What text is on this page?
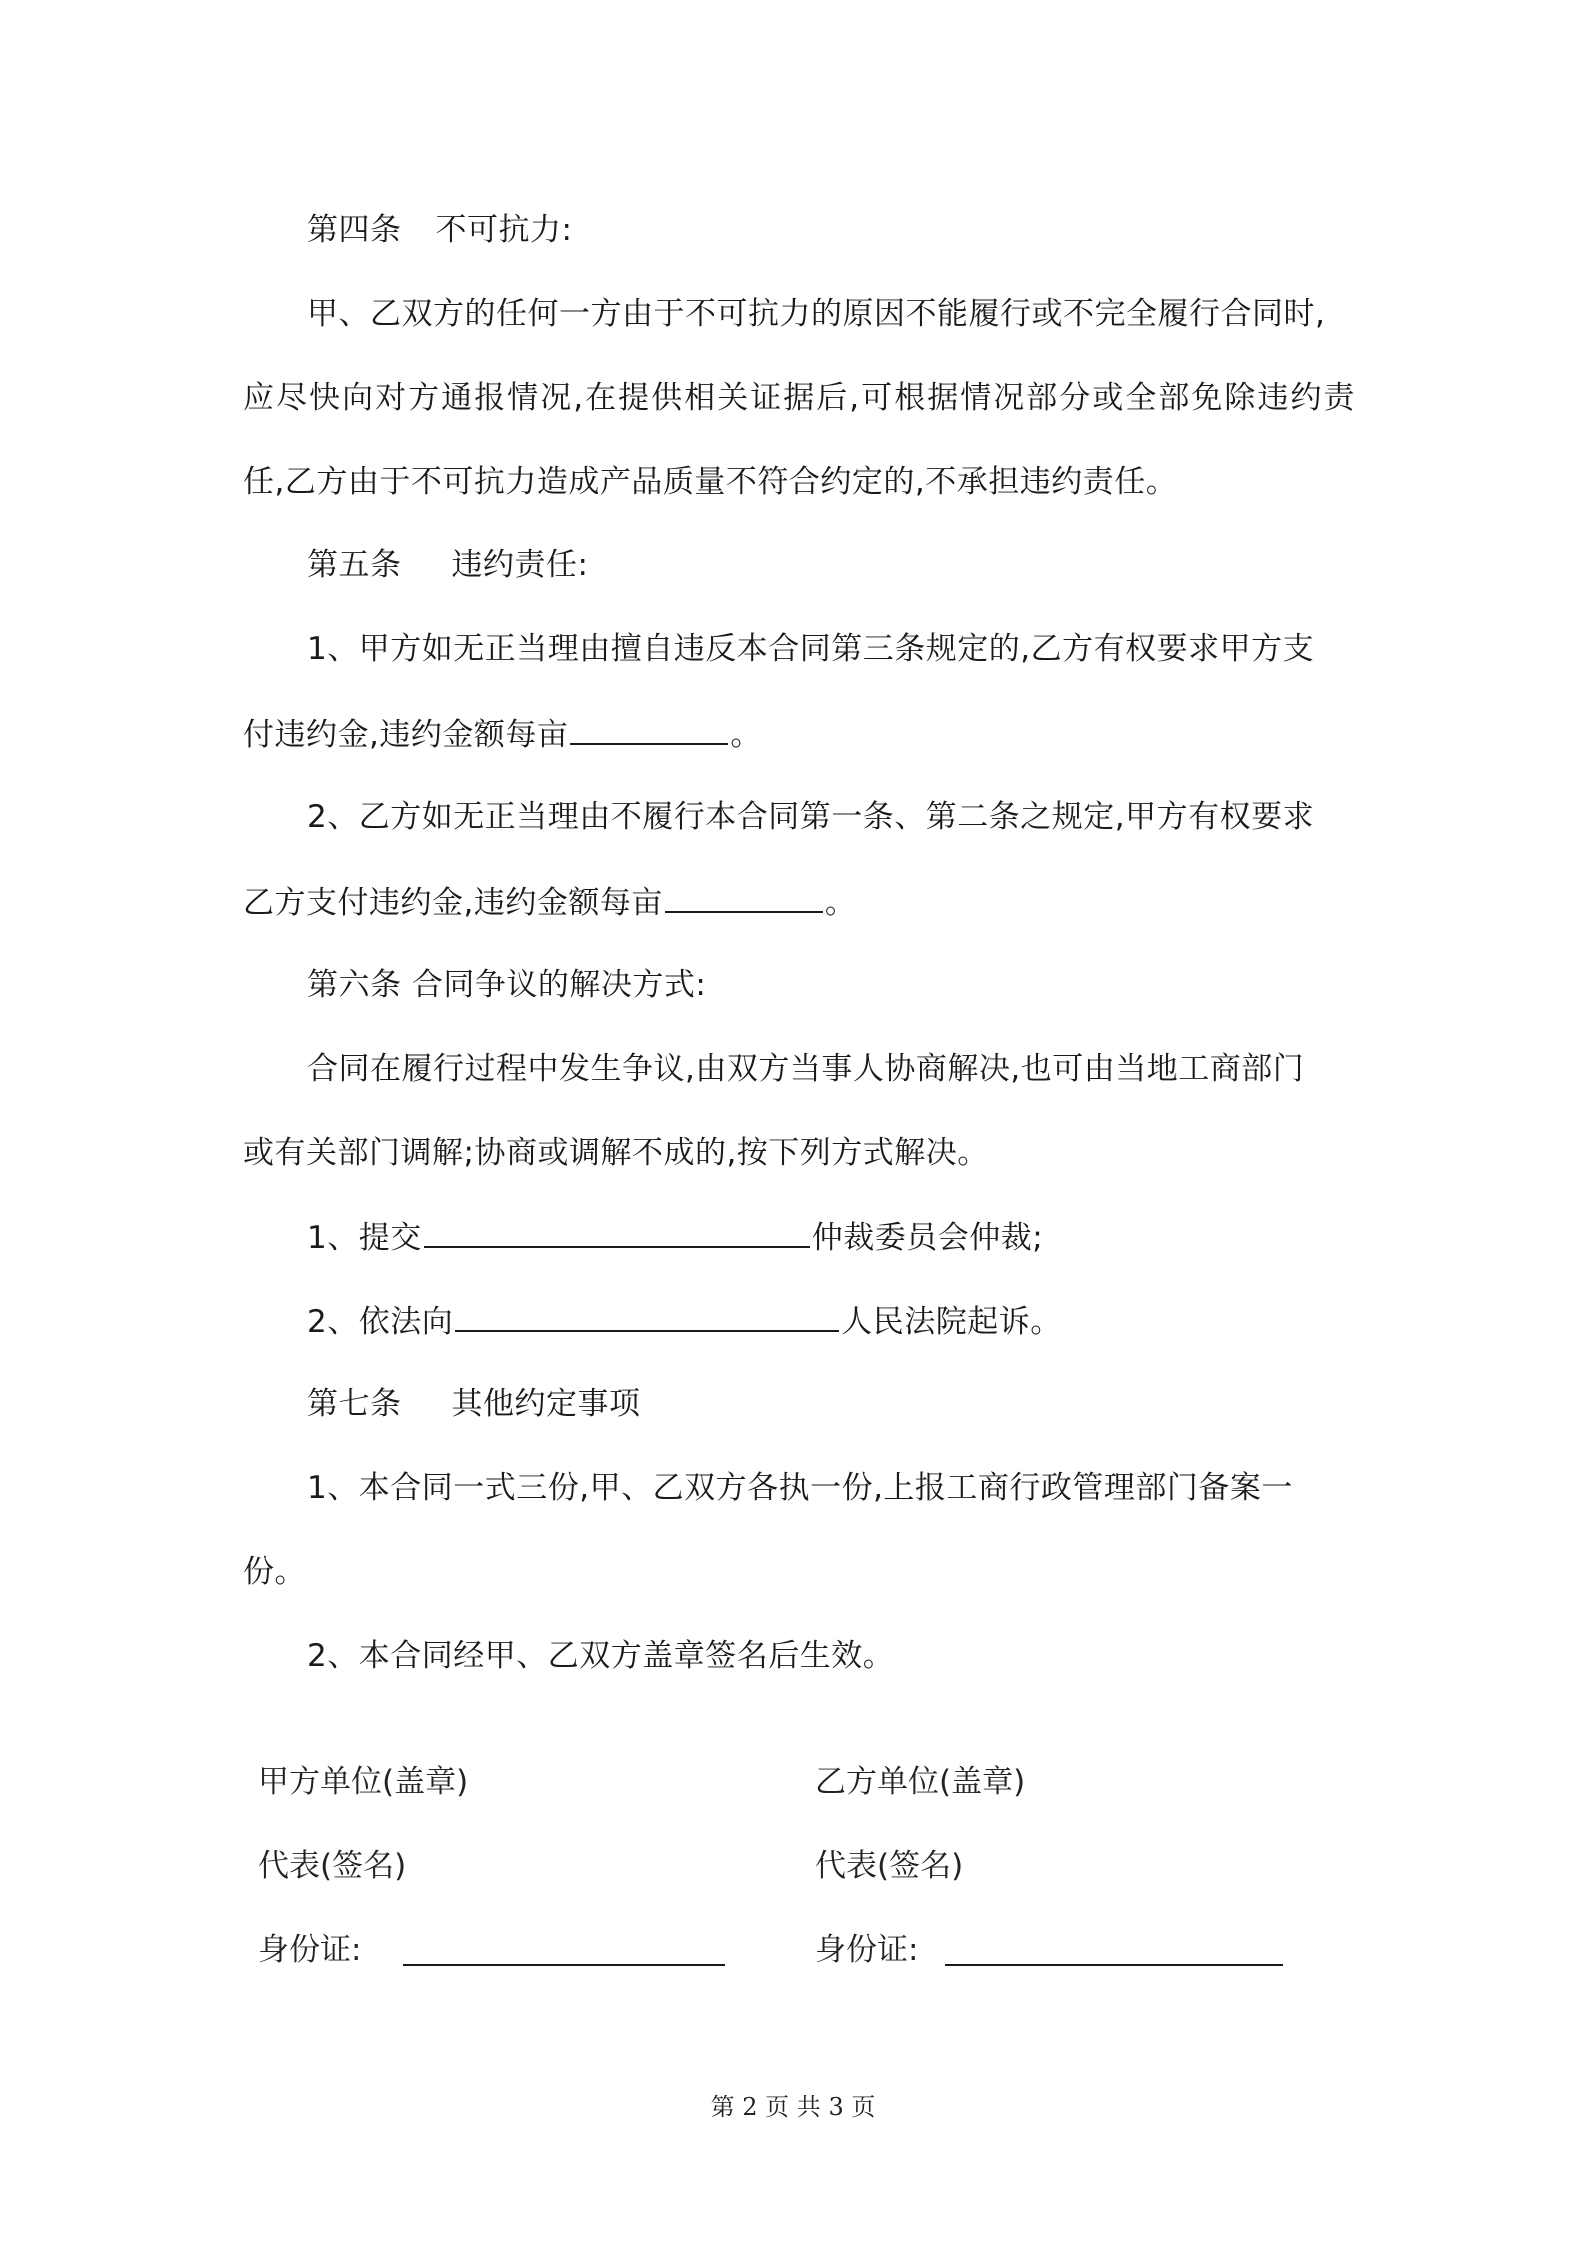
第四条 不可抗力:
甲、乙双方的任何一方由于不可抗力的原因不能履行或不完全履行合同时,
应尽快向对方通报情况,在提供相关证据后,可根据情况部分或全部免除违约责
任,乙方由于不可抗力造成产品质量不符合约定的,不承担违约责任。
第五条 违约责任:
1、甲方如无正当理由擅自违反本合同第三条规定的,乙方有权要求甲方支
付违约金,违约金额每亩	。
2、乙方如无正当理由不履行本合同第一条、第二条之规定,甲方有权要求
乙方支付违约金,违约金额每亩	。
第六条 合同争议的解决方式:
合同在履行过程中发生争议,由双方当事人协商解决,也可由当地工商部门
或有关部门调解;协商或调解不成的,按下列方式解决。
1、提交	仲裁委员会仲裁;
2、依法向	人民法院起诉。
第七条 其他约定事项
1、本合同一式三份,甲、乙双方各执一份,上报工商行政管理部门备案一
份。
2、本合同经甲、乙双方盖章签名后生效。
甲方单位(盖章)	乙方单位(盖章)
代表(签名)	代表(签名)
身份证:	身份证:
第 2 页 共 3 页
